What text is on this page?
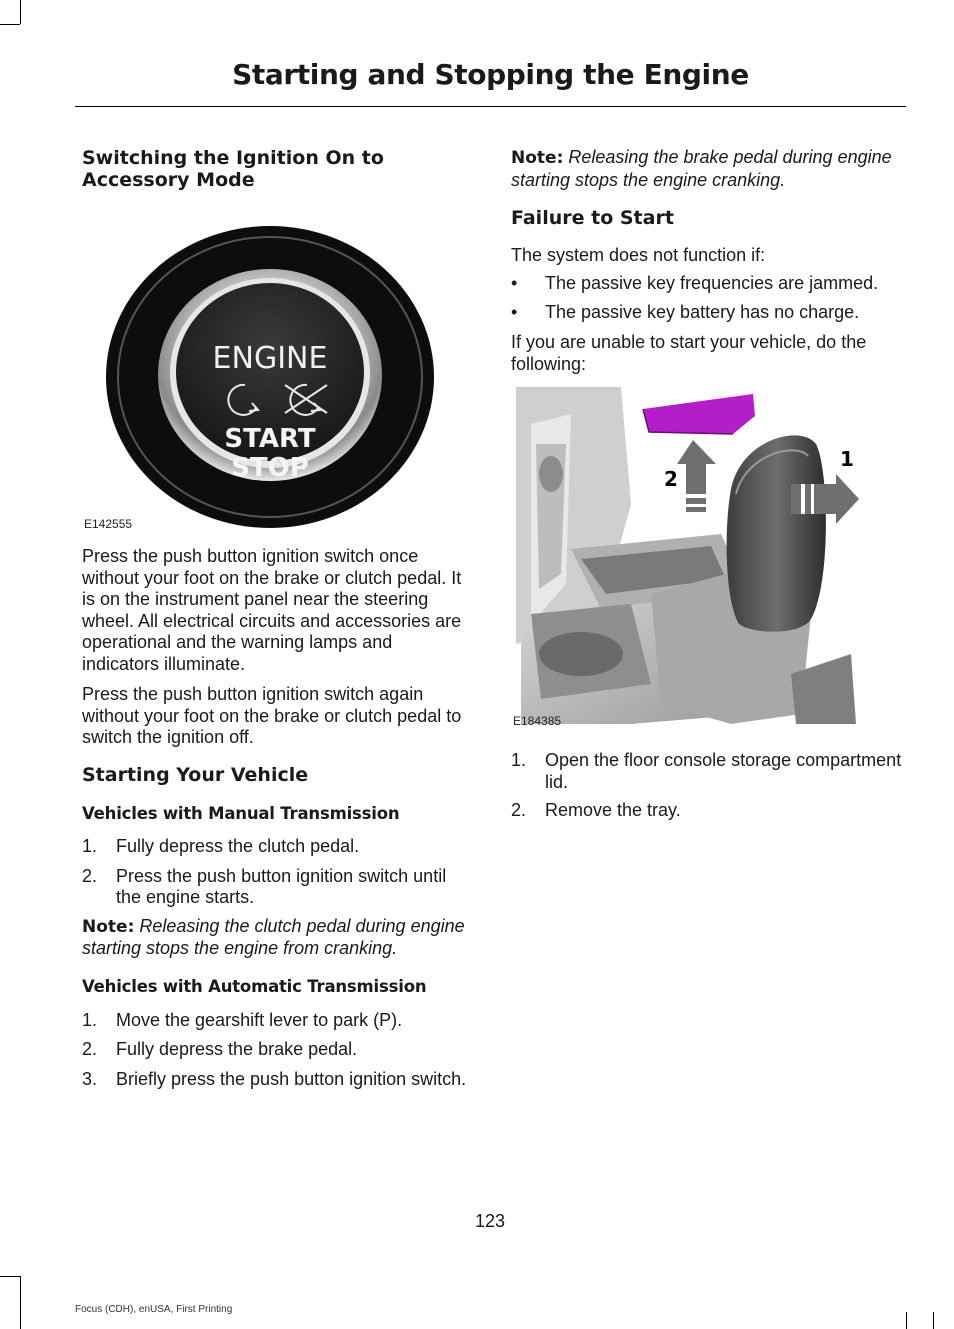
Starting and Stopping the Engine
Switching the Ignition On to Accessory Mode
ENGINE
START
STOP
E142555

Press the push button ignition switch once without your foot on the brake or clutch pedal. It is on the instrument panel near the steering wheel. All electrical circuits and accessories are operational and the warning lamps and indicators illuminate.

Press the push button ignition switch again without your foot on the brake or clutch pedal to switch the ignition off.

Starting Your Vehicle
Vehicles with Manual Transmission
1. Fully depress the clutch pedal.
2. Press the push button ignition switch until the engine starts.

Note: Releasing the clutch pedal during engine starting stops the engine from cranking.

Vehicles with Automatic Transmission
1. Move the gearshift lever to park (P).
2. Fully depress the brake pedal.
3. Briefly press the push button ignition switch.

Note: Releasing the brake pedal during engine starting stops the engine cranking.

Failure to Start

The system does not function if:

• The passive key frequencies are jammed.
• The passive key battery has no charge.

If you are unable to start your vehicle, do the following:

1
2
E184385
1. Open the floor console storage compartment lid.
2. Remove the tray.
123
Focus (CDH), enUSA, First Printing
